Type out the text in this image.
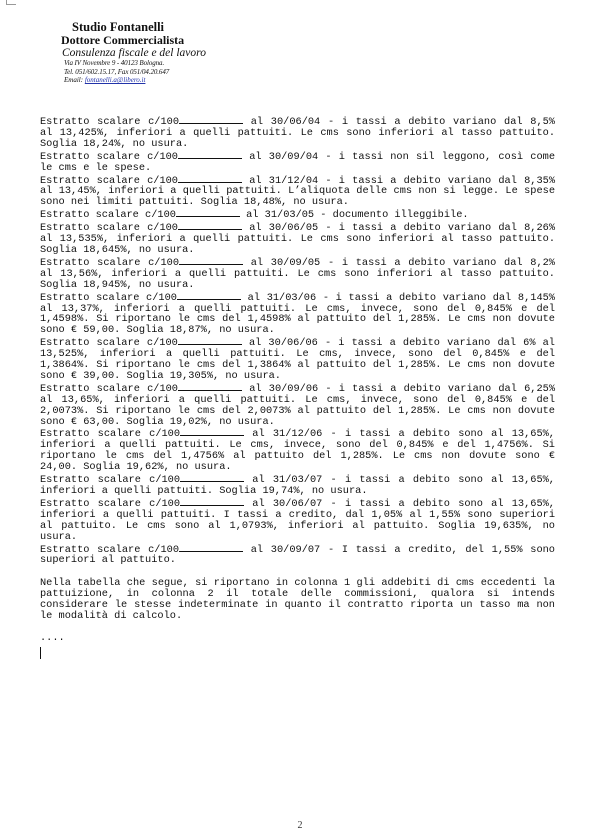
Studio Fontanelli
Dottore Commercialista
Consulenza fiscale e del lavoro
Via IV Novembre 9 - 40123 Bologna.
Tel. 051/602.15.17, Fax 051/04.20.647
Email: fontanelli.a@libero.it

Estratto scalare c/100	al 30/06/04 - i tassi a debito variano dal 8,5% al 13,425%, inferiori a quelli pattuiti. Le cms sono inferiori al tasso pattuito. Soglia 18,24%, no usura.

Estratto scalare c/100	al 30/09/04 - i tassi non sil leggono, così come le cms e le spese.

Estratto scalare c/100	al 31/12/04 - i tassi a debito variano dal 8,35% al 13,45%, inferiori a quelli pattuiti. L’aliquota delle cms non si legge. Le spese sono nei limiti pattuiti. Soglia 18,48%, no usura.

Estratto scalare c/100	al 31/03/05 - documento illeggibile.

Estratto scalare c/100	al 30/06/05 - i tassi a debito variano dal 8,26% al 13,535%, inferiori a quelli pattuiti. Le cms sono inferiori al tasso pattuito. Soglia 18,645%, no usura.

Estratto scalare c/100	al 30/09/05 - i tassi a debito variano dal 8,2% al 13,56%, inferiori a quelli pattuiti. Le cms sono inferiori al tasso pattuito. Soglia 18,945%, no usura.

Estratto scalare c/100	al 31/03/06 - i tassi a debito variano dal 8,145% al 13,37%, inferiori a quelli pattuiti. Le cms, invece, sono del 0,845% e del 1,4598%. Si riportano le cms del 1,4598% al pattuito del 1,285%. Le cms non dovute sono € 59,00. Soglia 18,87%, no usura.

Estratto scalare c/100	al 30/06/06 - i tassi a debito variano dal 6% al 13,525%, inferiori a quelli pattuiti. Le cms, invece, sono del 0,845% e del 1,3864%. Si riportano le cms del 1,3864% al pattuito del 1,285%. Le cms non dovute sono € 39,00. Soglia 19,305%, no usura.

Estratto scalare c/100	al 30/09/06 - i tassi a debito variano dal 6,25% al 13,65%, inferiori a quelli pattuiti. Le cms, invece, sono del 0,845% e del 2,0073%. Si riportano le cms del 2,0073% al pattuito del 1,285%. Le cms non dovute sono € 63,00. Soglia 19,02%, no usura.

Estratto scalare c/100	al 31/12/06 - i tassi a debito sono al 13,65%, inferiori a quelli pattuiti. Le cms, invece, sono del 0,845% e del 1,4756%. Si riportano le cms del 1,4756% al pattuito del 1,285%. Le cms non dovute sono € 24,00. Soglia 19,62%, no usura.

Estratto scalare c/100	al 31/03/07 - i tassi a debito sono al 13,65%, inferiori a quelli pattuiti. Soglia 19,74%, no usura.

Estratto scalare c/100	al 30/06/07 - i tassi a debito sono al 13,65%, inferiori a quelli pattuiti. I tassi a credito, dal 1,05% al 1,55% sono superiori al pattuito. Le cms sono al 1,0793%, inferiori al pattuito. Soglia 19,635%, no usura.

Estratto scalare c/100	al 30/09/07 - I tassi a credito, del 1,55% sono superiori al pattuito.

Nella tabella che segue, si riportano in colonna 1 gli addebiti di cms eccedenti la pattuizione, in colonna 2 il totale delle commissioni, qualora si intends considerare le stesse indeterminate in quanto il contratto riporta un tasso ma non le modalità di calcolo.

....
2
